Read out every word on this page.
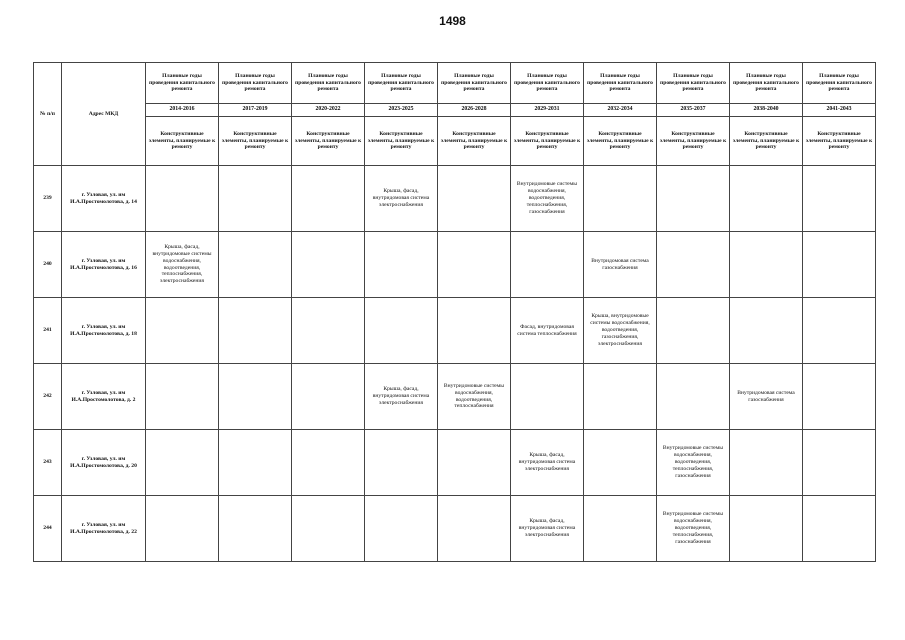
1498
№ п/п	Адрес МКД	Плановые годы проведения капитального ремонта	Плановые годы проведения капитального ремонта	Плановые годы проведения капитального ремонта	Плановые годы проведения капитального ремонта	Плановые годы проведения капитального ремонта	Плановые годы проведения капитального ремонта	Плановые годы проведения капитального ремонта	Плановые годы проведения капитального ремонта	Плановые годы проведения капитального ремонта	Плановые годы проведения капитального ремонта
		2014-2016	2017-2019	2020-2022	2023-2025	2026-2028	2029-2031	2032-2034	2035-2037	2038-2040	2041-2043
		Конструктивные элементы, планируемые к ремонту	Конструктивные элементы, планируемые к ремонту	Конструктивные элементы, планируемые к ремонту	Конструктивные элементы, планируемые к ремонту	Конструктивные элементы, планируемые к ремонту	Конструктивные элементы, планируемые к ремонту	Конструктивные элементы, планируемые к ремонту	Конструктивные элементы, планируемые к ремонту	Конструктивные элементы, планируемые к ремонту	Конструктивные элементы, планируемые к ремонту
239	г. Узловая, ул. им И.А.Простомолотова, д. 14				Крыша, фасад, внутридомовая система электроснабжения		Внутридомовые системы водоснабжения, водоотведения, теплоснабжения, газоснабжения				
240	г. Узловая, ул. им И.А.Простомолотова, д. 16	Крыша, фасад, внутридомовые системы водоснабжения, водоотведения, теплоснабжения, электроснабжения						Внутридомовая система газоснабжения			
241	г. Узловая, ул. им И.А.Простомолотова, д. 18						Фасад, внутридомовая система теплоснабжения	Крыша, внутридомовые системы водоснабжения, водоотведения, газоснабжения, электроснабжения			
242	г. Узловая, ул. им И.А.Простомолотова, д. 2				Крыша, фасад, внутридомовая система электроснабжения	Внутридомовые системы водоснабжения, водоотведения, теплоснабжения				Внутридомовая система газоснабжения	
243	г. Узловая, ул. им И.А.Простомолотова, д. 20						Крыша, фасад, внутридомовая система электроснабжения		Внутридомовые системы водоснабжения, водоотведения, теплоснабжения, газоснабжения		
244	г. Узловая, ул. им И.А.Простомолотова, д. 22						Крыша, фасад, внутридомовая система электроснабжения		Внутридомовые системы водоснабжения, водоотведения, теплоснабжения, газоснабжения		
